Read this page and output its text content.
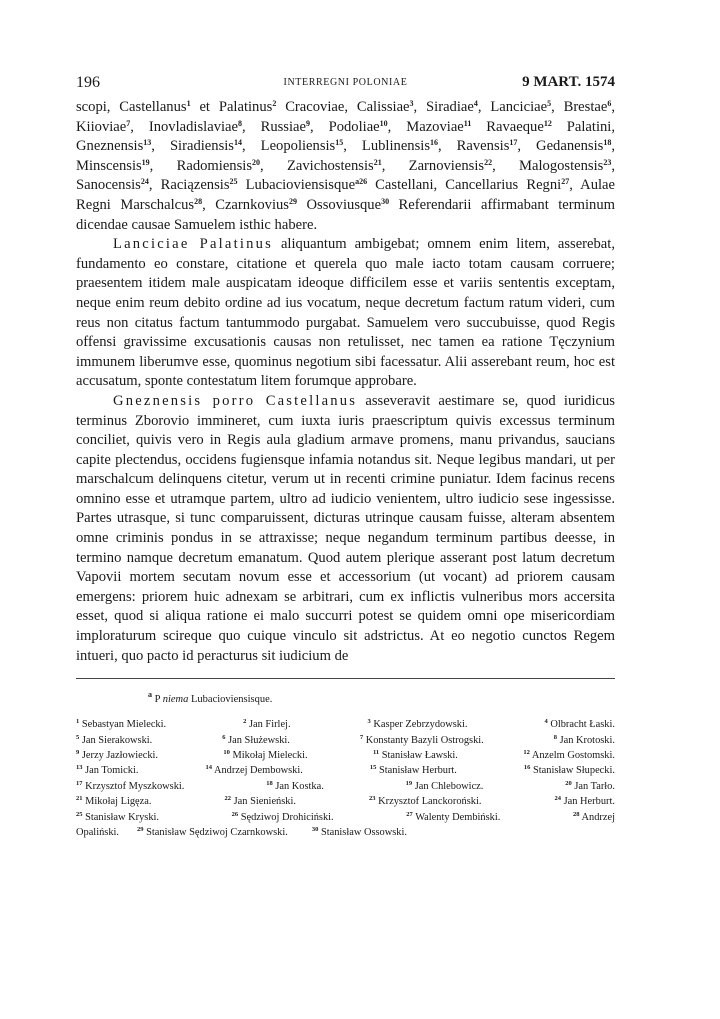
196	INTERREGNI POLONIAE	9 MART. 1574

scopi, Castellanus$^1$ et Palatinus$^2$ Cracoviae, Calissiae$^3$, Siradiae$^4$, Lanciciae$^5$, Brestae$^6$, Kiioviae$^7$, Inovladislaviae$^8$, Russiae$^9$, Podoliae$^{10}$, Mazoviae$^{11}$ Ravaeque$^{12}$ Palatini, Gneznensis$^{13}$, Siradiensis$^{14}$, Leopoliensis$^{15}$, Lublinensis$^{16}$, Ravensis$^{17}$, Gedanensis$^{18}$, Minscensis$^{19}$, Radomiensis$^{20}$, Zavichostensis$^{21}$, Zarnoviensis$^{22}$, Malogostensis$^{23}$, Sanocensis$^{24}$, Raciązensis$^{25}$ Lubacioviensisque$^{a26}$ Castellani, Cancellarius Regni$^{27}$, Aulae Regni Marschalcus$^{28}$, Czarnkovius$^{29}$ Ossoviusque$^{30}$ Referendarii affirmabant terminum dicendae causae Samuelem isthic habere.

Lanciciae Palatinus aliquantum ambigebat; omnem enim litem, asserebat, fundamento eo constare, citatione et querela quo male iacto totam causam corruere; praesentem itidem male auspicatam ideoque difficilem esse et variis sententis exceptam, neque enim reum debito ordine ad ius vocatum, neque decretum factum ratum videri, cum reus non citatus factum tantummodo purgabat. Samuelem vero succubuisse, quod Regis offensi gravissime excusationis causas non retulisset, nec tamen ea ratione Tęczynium immunem liberumve esse, quominus negotium sibi facessatur. Alii asserebant reum, hoc est accusatum, sponte contestatum litem forumque approbare.

Gneznensis porro Castellanus asseveravit aestimare se, quod iuridicus terminus Zborovio immineret, cum iuxta iuris praescriptum quivis excessus terminum conciliet, quivis vero in Regis aula gladium armave promens, manu privandus, saucians capite plectendus, occidens fugiensque infamia notandus sit. Neque legibus mandari, ut per marschalcum delinquens citetur, verum ut in recenti crimine puniatur. Idem facinus recens omnino esse et utramque partem, ultro ad iudicio venientem, ultro iudicio sese ingessisse. Partes utrasque, si tunc comparuissent, dicturas utrinque causam fuisse, alteram absentem omne criminis pondus in se attraxisse; neque negandum terminum partibus deesse, in termino namque decretum emanatum. Quod autem plerique asserant post latum decretum Vapovii mortem secutam novum esse et accessorium (ut vocant) ad priorem causam emergens: priorem huic adnexam se arbitrari, cum ex inflictis vulneribus mors accersita esset, quod si aliqua ratione ei malo succurri potest se quidem omni ope misericordiam imploraturum scireque quo cuique vinculo sit adstrictus. At eo negotio cunctos Regem intueri, quo pacto id peracturus sit iudicium de

$^a$ P niema Lubacioviensisque.
$^1$ Sebastyan Mielecki.	$^2$ Jan Firlej.	$^3$ Kasper Zebrzydowski.	$^4$ Olbracht Łaski.
$^5$ Jan Sierakowski.	$^6$ Jan Służewski.	$^7$ Konstanty Bazyli Ostrogski.	$^8$ Jan Krotoski.
$^9$ Jerzy Jazłowiecki.	$^{10}$ Mikołaj Mielecki.	$^{11}$ Stanisław Ławski.	$^{12}$ Anzelm Gostomski.
$^{13}$ Jan Tomicki.	$^{14}$ Andrzej Dembowski.	$^{15}$ Stanisław Herburt.	$^{16}$ Stanisław Słupecki.
$^{17}$ Krzysztof Myszkowski.	$^{18}$ Jan Kostka.	$^{19}$ Jan Chlebowicz.	$^{20}$ Jan Tarło.
$^{21}$ Mikołaj Ligęza.	$^{22}$ Jan Sienieński.	$^{23}$ Krzysztof Lanckoroński.	$^{24}$ Jan Herburt.
$^{25}$ Stanisław Kryski.	$^{26}$ Sędziwoj Drohiciński.	$^{27}$ Walenty Dembiński.	$^{28}$ Andrzej
Opaliński.	$^{29}$ Stanisław Sędziwoj Czarnkowski.	$^{30}$ Stanisław Ossowski.
